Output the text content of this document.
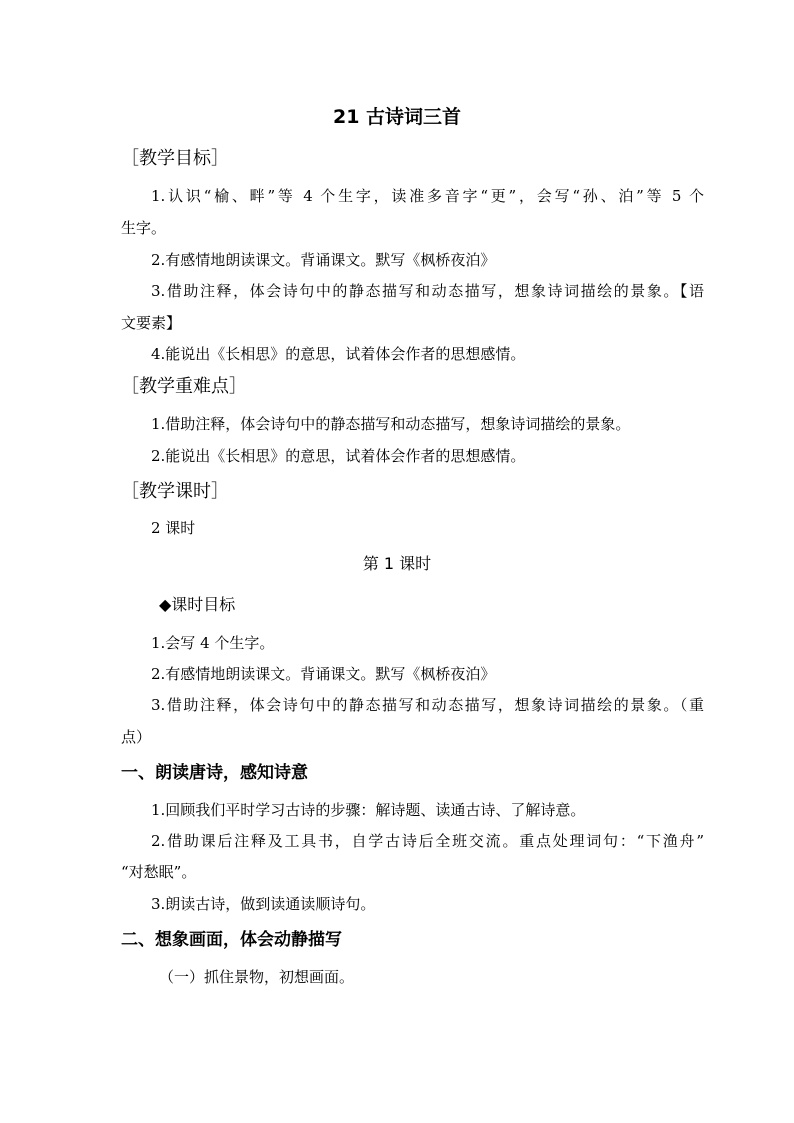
21 古诗词三首
［教学目标］
1.认识“榆、畔”等 4 个生字，读准多音字“更”，会写“孙、泊”等 5 个
生字。
2.有感情地朗读课文。背诵课文。默写《枫桥夜泊》
3.借助注释，体会诗句中的静态描写和动态描写，想象诗词描绘的景象。【语
文要素】
4.能说出《长相思》的意思，试着体会作者的思想感情。
［教学重难点］
1.借助注释，体会诗句中的静态描写和动态描写，想象诗词描绘的景象。
2.能说出《长相思》的意思，试着体会作者的思想感情。
［教学课时］
2 课时
第 1 课时
◆课时目标
1.会写 4 个生字。
2.有感情地朗读课文。背诵课文。默写《枫桥夜泊》
3.借助注释，体会诗句中的静态描写和动态描写，想象诗词描绘的景象。（重
点）
一、朗读唐诗，感知诗意
1.回顾我们平时学习古诗的步骤：解诗题、读通古诗、了解诗意。
2.借助课后注释及工具书，自学古诗后全班交流。重点处理词句：“下渔舟”
“对愁眠”。
3.朗读古诗，做到读通读顺诗句。
二、想象画面，体会动静描写
（一）抓住景物，初想画面。
